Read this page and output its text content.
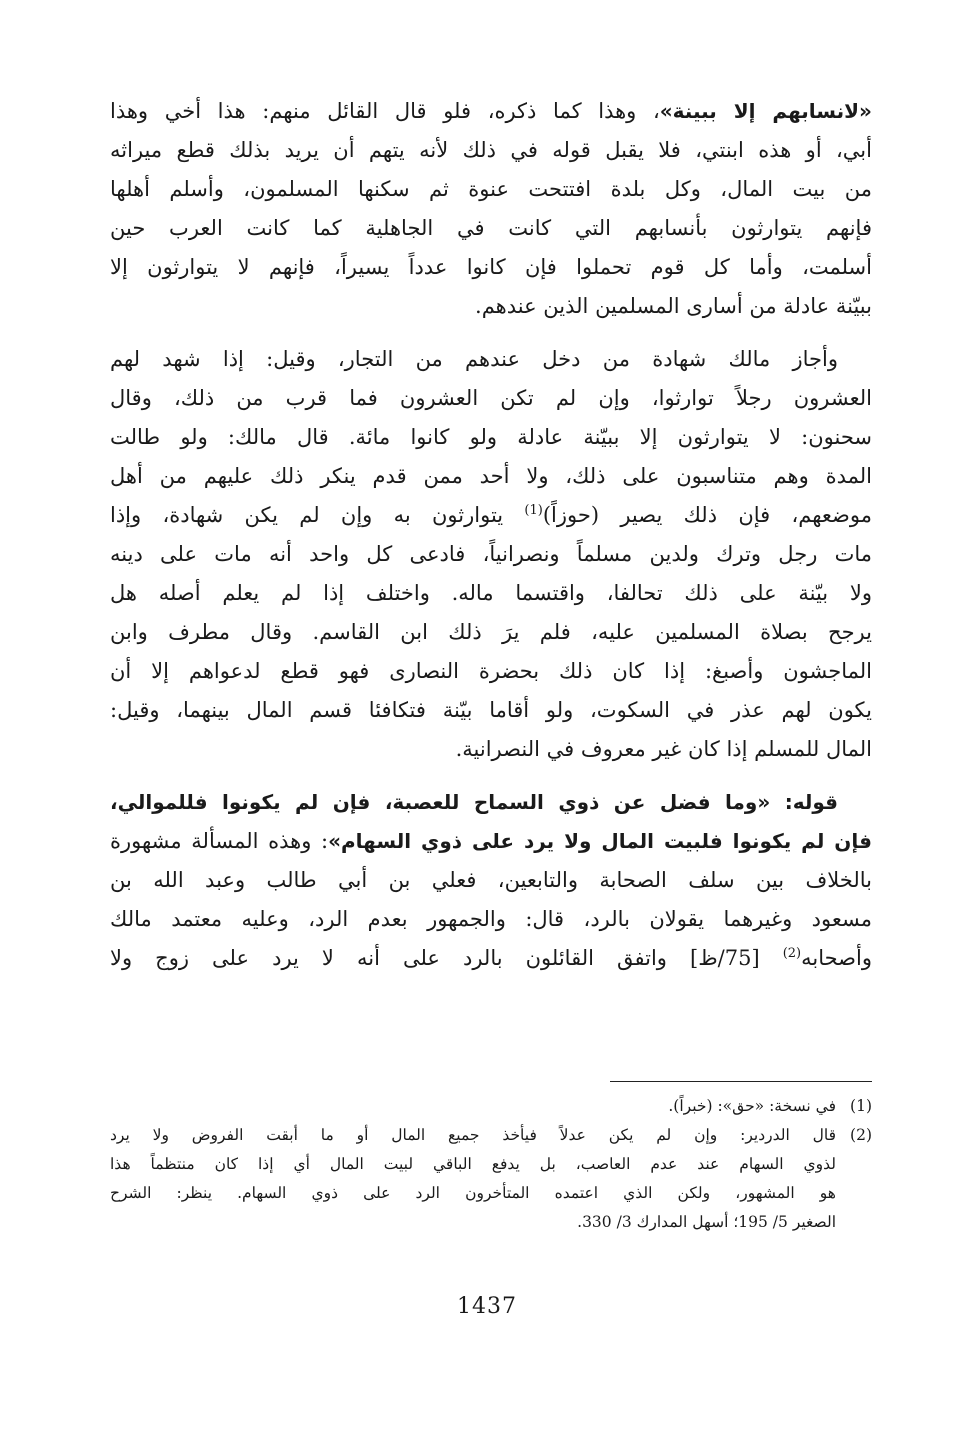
«لانسابهم إلا ببينة»، وهذا كما ذكره، فلو قال القائل منهم: هذا أخي وهذا
أبي، أو هذه ابنتي، فلا يقبل قوله في ذلك لأنه يتهم أن يريد بذلك قطع ميراثه
من بيت المال، وكل بلدة افتتحت عنوة ثم سكنها المسلمون، وأسلم أهلها
فإنهم يتوارثون بأنسابهم التي كانت في الجاهلية كما كانت العرب حين
أسلمت، وأما كل قوم تحملوا فإن كانوا عدداً يسيراً، فإنهم لا يتوارثون إلا
ببيّنة عادلة من أسارى المسلمين الذين عندهم.
وأجاز مالك شهادة من دخل عندهم من التجار، وقيل: إذا شهد لهم
العشرون رجلاً توارثوا، وإن لم تكن العشرون فما قرب من ذلك، وقال
سحنون: لا يتوارثون إلا ببيّنة عادلة ولو كانوا مائة. قال مالك: ولو طالت
المدة وهم متناسبون على ذلك، ولا أحد ممن قدم ينكر ذلك عليهم من أهل
موضعهم، فإن ذلك يصير (حوزاً)$^{(1)}$ يتوارثون به وإن لم يكن شهادة، وإذا
مات رجل وترك ولدين مسلماً ونصرانياً، فادعى كل واحد أنه مات على دينه
ولا بيّنة على ذلك تحالفا، واقتسما ماله. واختلف إذا لم يعلم أصله هل
يرجح بصلاة المسلمين عليه، فلم يرَ ذلك ابن القاسم. وقال مطرف وابن
الماجشون وأصبغ: إذا كان ذلك بحضرة النصارى فهو قطع لدعواهم إلا أن
يكون لهم عذر في السكوت، ولو أقاما بيّنة فتكافئا قسم المال بينهما، وقيل:
المال للمسلم إذا كان غير معروف في النصرانية.
قوله: «وما فضل عن ذوي السماح للعصبة، فإن لم يكونوا فللموالي،
فإن لم يكونوا فلبيت المال ولا يرد على ذوي السهام»: وهذه المسألة مشهورة
بالخلاف بين سلف الصحابة والتابعين، فعلي بن أبي طالب وعبد الله بن
مسعود وغيرهما يقولان بالرد، قال: والجمهور بعدم الرد، وعليه معتمد مالك
وأصحابه$^{(2)}$ [75/ظ] واتفق القائلون بالرد على أنه لا يرد على زوج ولا
(1)
في نسخة: «حق»: (خبراً).
(2)
قال الدردير: وإن لم يكن عدلاً فيأخذ جميع المال أو ما أبقت الفروض ولا يرد
لذوي السهام عند عدم العاصب، بل يدفع الباقي لبيت المال أي إذا كان منتظماً هذا
هو المشهور، ولكن الذي اعتمده المتأخرون الرد على ذوي السهام. ينظر: الشرح
الصغير 5/ 195؛ أسهل المدارك 3/ 330.
1437
